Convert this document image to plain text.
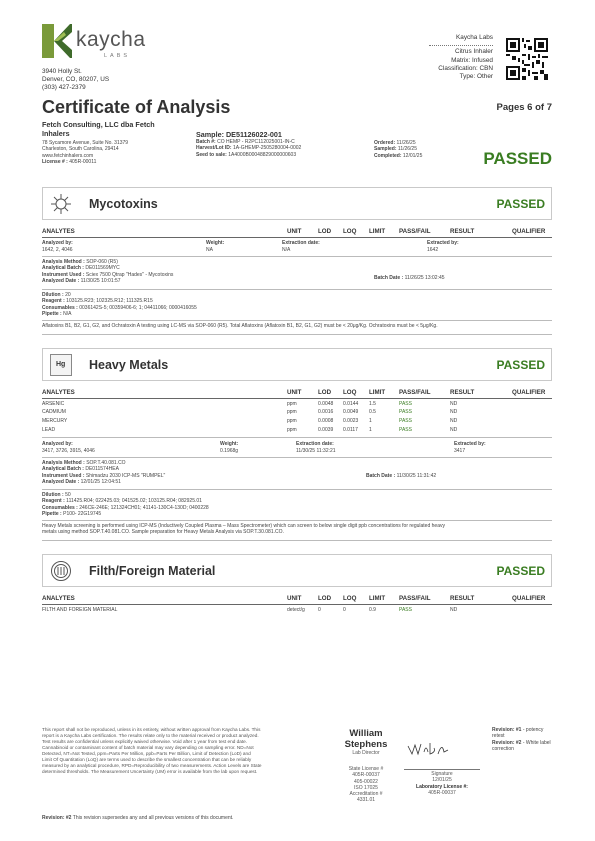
kaycha
LABS
3940 Holly St.
Denver, CO, 80207, US
(303) 427-2379
Kaycha Labs
Citrus Inhaler
Matrix: Infused
Classification: CBN
Type: Other
Certificate of Analysis	Pages 6 of 7
Fetch Consulting, LLC dba Fetch
Inhalers
78 Sycamore Avenue, Suite No. 31379
Charleston, South Carolina, 29414
www.fetchinhalers.com
License # : 405R-00011
Sample: DE51126022-001
Batch #: CO HEMP - R2PC112025001-IN-C
Harvest/Lot ID: 1A-GHEMP-2505280004-0002
Seed to sale: 1A4000B00048829000000603
Ordered: 11/26/25
Sampled: 11/26/25
Completed: 12/01/25	PASSED
Mycotoxins	PASSED
ANALYTES	UNIT	LOD LOQ LIMIT PASS/FAIL	RESULT	QUALIFIER
Analyzed by:
1642, 2, 4046
Weight:
NA
Extraction date:
N/A
Extracted by:
1642
Analysis Method : SOP-060 (R5)
Analytical Batch : DE011569MYC
Instrument Used : Sciex 7500 Qtrap "Hades" - Mycotoxins
Analyzed Date : 11/30/25 10:01:57
Batch Date : 11/26/25 13:02:45
Dilution : 20
Reagent : 103125.R23; 102325.R12; 111325.R15
Consumables : 0036142S-5; 00359406-6; 1; 04411066; 0000416055
Pipette : N/A
Aflatoxins B1, B2, G1, G2, and Ochratoxin A testing using LC-MS via SOP-060 (R5). Total Aflatoxins (Aflatoxin B1, B2, G1, G2) must be < 20μg/Kg. Ochratoxins must be < 5μg/Kg.
Hg Heavy Metals	PASSED
ANALYTES	UNIT	LOD LOQ LIMIT PASS/FAIL	RESULT	QUALIFIER
ARSENIC	ppm	0.0048 0.0144 1.5	PASS	ND
CADMIUM	ppm	0.0016 0.0049 0.5	PASS	ND
MERCURY	ppm	0.0008 0.0023 1	PASS	ND
LEAD	ppm	0.0039 0.0117 1	PASS	ND
Analyzed by:
3417, 3726, 3915, 4046
Weight:
0.1968g
Extraction date:
11/30/25 11:32:21
Extracted by:
3417
Analysis Method : SOP.T.40.081.CO
Analytical Batch : DE011574HEA
Instrument Used : Shimadzu 2030 ICP-MS "RUMPEL"
Analyzed Date : 12/01/25 12:04:51
Batch Date : 11/30/25 11:31:42
Dilution : 50
Reagent : 111425.R04; 022425.03; 041525.02; 103125.R04; 082925.01
Consumables : 246CE-246E; 121324CH01; 41141-130C4-130D; 0400228
Pipette : P100- 22G19745
Heavy Metals screening is performed using ICP-MS (Inductively Coupled Plasma – Mass Spectrometer) which can screen to below single digit ppb concentrations for regulated heavy
metals using method SOP.T.40.081.CO. Sample preparation for Heavy Metals Analysis via SOP.T.30.081.CO.
Filth/Foreign Material	PASSED
ANALYTES	UNIT	LOD LOQ LIMIT PASS/FAIL	RESULT	QUALIFIER
FILTH AND FOREIGN MATERIAL	detect/g	0	0	0.9	PASS	ND
This report shall not be reproduced, unless in its entirety, without written approval from Kaycha Labs. This
report is a Kaycha Labs certification. The results relate only to the material received or product analyzed.
Test results are confidential unless explicitly waived otherwise. Void after 1 year from test end date.
Cannabinoid or contaminant content of batch material may vary depending on sampling error. ND=Not
Detected, NT=Not Tested, ppm=Parts Per Million, ppb=Parts Per Billion, Limit of Detection (LoD) and
Limit Of Quantitation (LoQ) are terms used to describe the smallest concentration that can be reliably
measured by an analytical procedure, RPD=Reproducibility of two measurements. Action Levels are State
determined thresholds. The Measurement Uncertainty (UM) error is available from the lab upon request.
William
Stephens
Lab Director
State License #
405R-00037
405-00022
ISO 17025
Accreditation #
4331.01
Signature
12/01/25
Laboratory License #:
405R-00037
Revision: #1 - potency retest
Revision: #2 - White label correction
Revision: #2 This revision supersedes any and all previous versions of this document.
